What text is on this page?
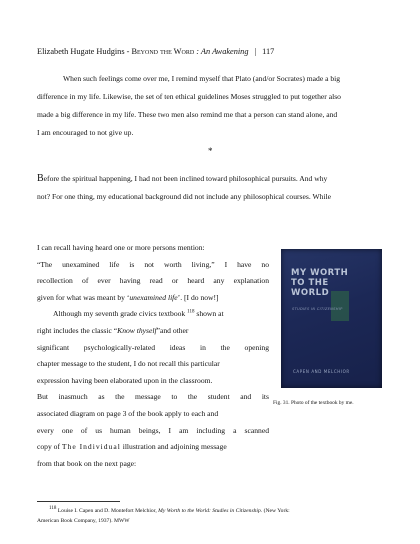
Elizabeth Hugate Hudgins - Beyond the Word : An Awakening | 117
When such feelings come over me, I remind myself that Plato (and/or Socrates) made a big
difference in my life. Likewise, the set of ten ethical guidelines Moses struggled to put together also
made a big difference in my life. These two men also remind me that a person can stand alone, and
I am encouraged to not give up.
*
Before the spiritual happening, I had not been inclined toward philosophical pursuits. And why
not? For one thing, my educational background did not include any philosophical courses. While
I can recall having heard one or more persons mention:
“The unexamined life is not worth living,” I have no
recollection of ever having read or heard any explanation
given for what was meant by ‘unexamined life’. [I do now!]
Although my seventh grade civics textbook $^{118}$ shown at
right includes the classic “Know thyself”and other
significant psychologically-related ideas in the opening
chapter message to the student, I do not recall this particular
expression having been elaborated upon in the classroom.
But inasmuch as the message to the student and its
associated diagram on page 3 of the book apply to each and
every one of us human beings, I am including a scanned
copy of The Individual illustration and adjoining message
from that book on the next page:
MY WORTH TO THE WORLD
STUDIES IN CITIZENSHIP
CAPEN AND MELCHIOR
Fig. 31. Photo of the textbook by me.
$^{118}$ Louise I. Capen and D. Montefort Melchior, My Worth to the World: Studies in Citizenship. (New York:
American Book Company, 1937). MWW
